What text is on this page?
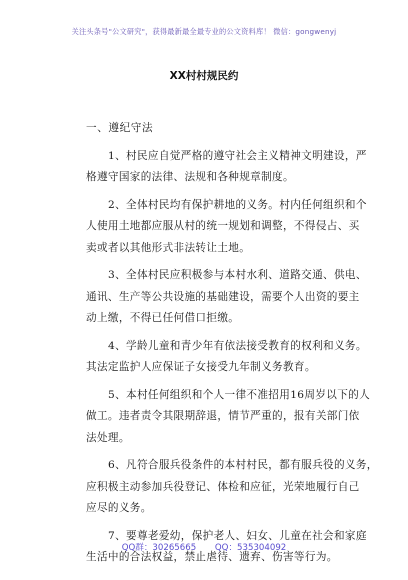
关注头条号"公文研究"，获得最新最全最专业的公文资料库！ 微信：gongwenyj
XX村村规民约
一、遵纪守法
1、村民应自觉严格的遵守社会主义精神文明建设，严
格遵守国家的法律、法规和各种规章制度。
2、全体村民均有保护耕地的义务。村内任何组织和个
人使用土地都应服从村的统一规划和调整，不得侵占、买
卖或者以其他形式非法转让土地。
3、全体村民应积极参与本村水利、道路交通、供电、
通讯、生产等公共设施的基础建设，需要个人出资的要主
动上缴，不得已任何借口拒缴。
4、学龄儿童和青少年有依法接受教育的权利和义务。
其法定监护人应保证子女接受九年制义务教育。
5、本村任何组织和个人一律不准招用16周岁以下的人
做工。违者责令其限期辞退，情节严重的，报有关部门依
法处理。
6、凡符合服兵役条件的本村村民，都有服兵役的义务，
应积极主动参加兵役登记、体检和应征，光荣地履行自己
应尽的义务。
7、要尊老爱幼，保护老人、妇女、儿童在社会和家庭
生活中的合法权益，禁止虐待、遗弃、伤害等行为。
QQ群：30265665 QQ：535304092
